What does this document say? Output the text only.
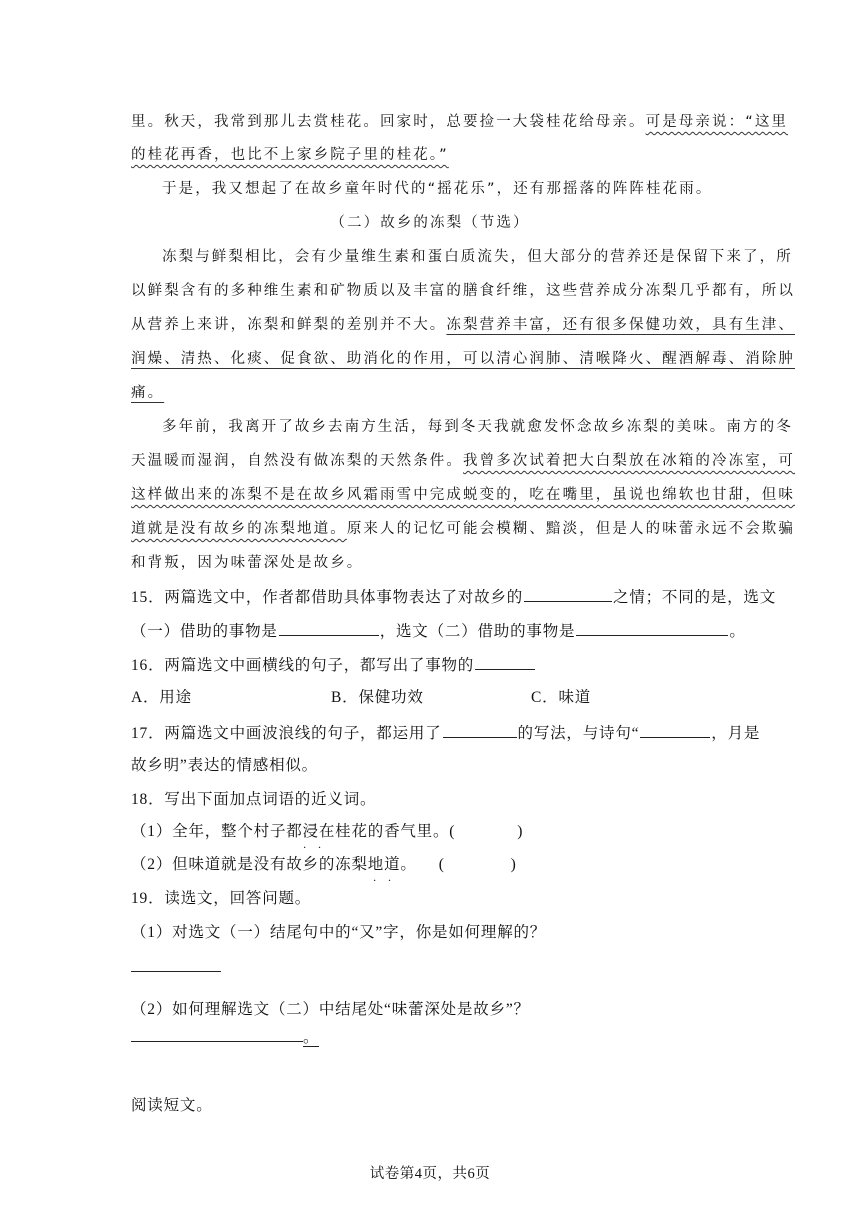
里。秋天，我常到那儿去赏桂花。回家时，总要捡一大袋桂花给母亲。可是母亲说：“这里
的桂花再香，也比不上家乡院子里的桂花。”
于是，我又想起了在故乡童年时代的“摇花乐”，还有那摇落的阵阵桂花雨。
（二）故乡的冻梨（节选）
冻梨与鲜梨相比，会有少量维生素和蛋白质流失，但大部分的营养还是保留下来了，所
以鲜梨含有的多种维生素和矿物质以及丰富的膳食纤维，这些营养成分冻梨几乎都有，所以
从营养上来讲，冻梨和鲜梨的差别并不大。冻梨营养丰富，还有很多保健功效，具有生津、
润燥、清热、化痰、促食欲、助消化的作用，可以清心润肺、清喉降火、醒酒解毒、消除肿
痛。
多年前，我离开了故乡去南方生活，每到冬天我就愈发怀念故乡冻梨的美味。南方的冬
天温暖而湿润，自然没有做冻梨的天然条件。我曾多次试着把大白梨放在冰箱的冷冻室，可
这样做出来的冻梨不是在故乡风霜雨雪中完成蜕变的，吃在嘴里，虽说也绵软也甘甜，但味
道就是没有故乡的冻梨地道。原来人的记忆可能会模糊、黯淡，但是人的味蕾永远不会欺骗
和背叛，因为味蕾深处是故乡。
15．两篇选文中，作者都借助具体事物表达了对故乡的	之情；不同的是，选文
（一）借助的事物是	，选文（二）借助的事物是	。
16．两篇选文中画横线的句子，都写出了事物的
A．用途	B．保健功效	C．味道
17．两篇选文中画波浪线的句子，都运用了	的写法，与诗句“	，月是
故乡明”表达的情感相似。
18．写出下面加点词语的近义词。
（1）全年，整个村子都浸 · ·在桂花的香气里。(	)
（2）但味道就是没有故乡的冻梨地道 · ·。 (	)
19．读选文，回答问题。
（1）对选文（一）结尾句中的“又”字，你是如何理解的？
（2）如何理解选文（二）中结尾处“味蕾深处是故乡”？
。
阅读短文。
试卷第4页，共6页
